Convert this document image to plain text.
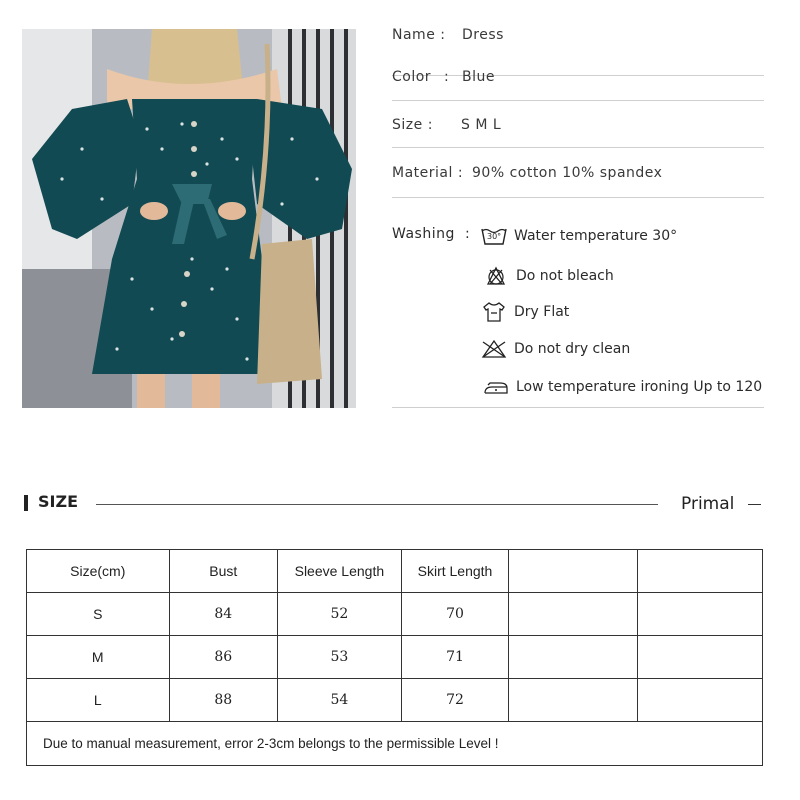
Name : Dress
Color : Blue
Size : S M L
Material : 90% cotton 10% spandex
Washing : 30° Water temperature 30°
Do not bleach
Dry Flat
Do not dry clean
Low temperature ironing Up to 120
SIZE	Primal
Size(cm)	Bust	Sleeve Length	Skirt Length		
S	84	52	70		
M	86	53	71		
L	88	54	72		
Due to manual measurement, error 2-3cm belongs to the permissible Level !					
